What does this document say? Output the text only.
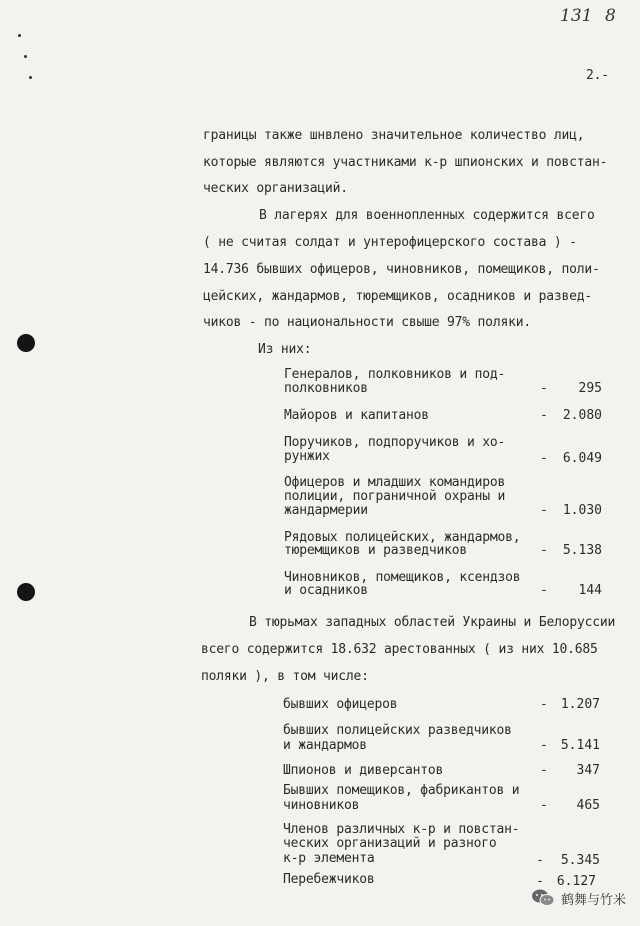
131 8
2.-
границы также шнвлено значительное количество лиц,
которые являются участниками к-р шпионских и повстан-
ческих организаций.
В лагерях для военнопленных содержится всего
( не считая солдат и унтерофицерского состава ) -
14.736 бывших офицеров, чиновников, помещиков, поли-
цейских, жандармов, тюремщиков, осадников и развед-
чиков - по национальности свыше 97% поляки.
Из них:
Генералов, полковников и под-
полковников	-	295
Майоров и капитанов	-	2.080
Поручиков, подпоручиков и хо-
рунжих	-	6.049
Офицеров и младших командиров
полиции, пограничной охраны и
жандармерии	-	1.030
Рядовых полицейских, жандармов,
тюремщиков и разведчиков	-	5.138
Чиновников, помещиков, ксендзов
и осадников	-	144
В тюрьмах западных областей Украины и Белоруссии
всего содержится 18.632 арестованных ( из них 10.685
поляки ), в том числе:
бывших офицеров	-	1.207
бывших полицейских разведчиков
и жандармов	-	5.141
Шпионов и диверсантов	-	347
Бывших помещиков, фабрикантов и
чиновников	-	465
Членов различных к-р и повстан-
ческих организаций и разного
к-р элемента	-	5.345
Перебежчиков	-	6.127
鹤舞与竹米
